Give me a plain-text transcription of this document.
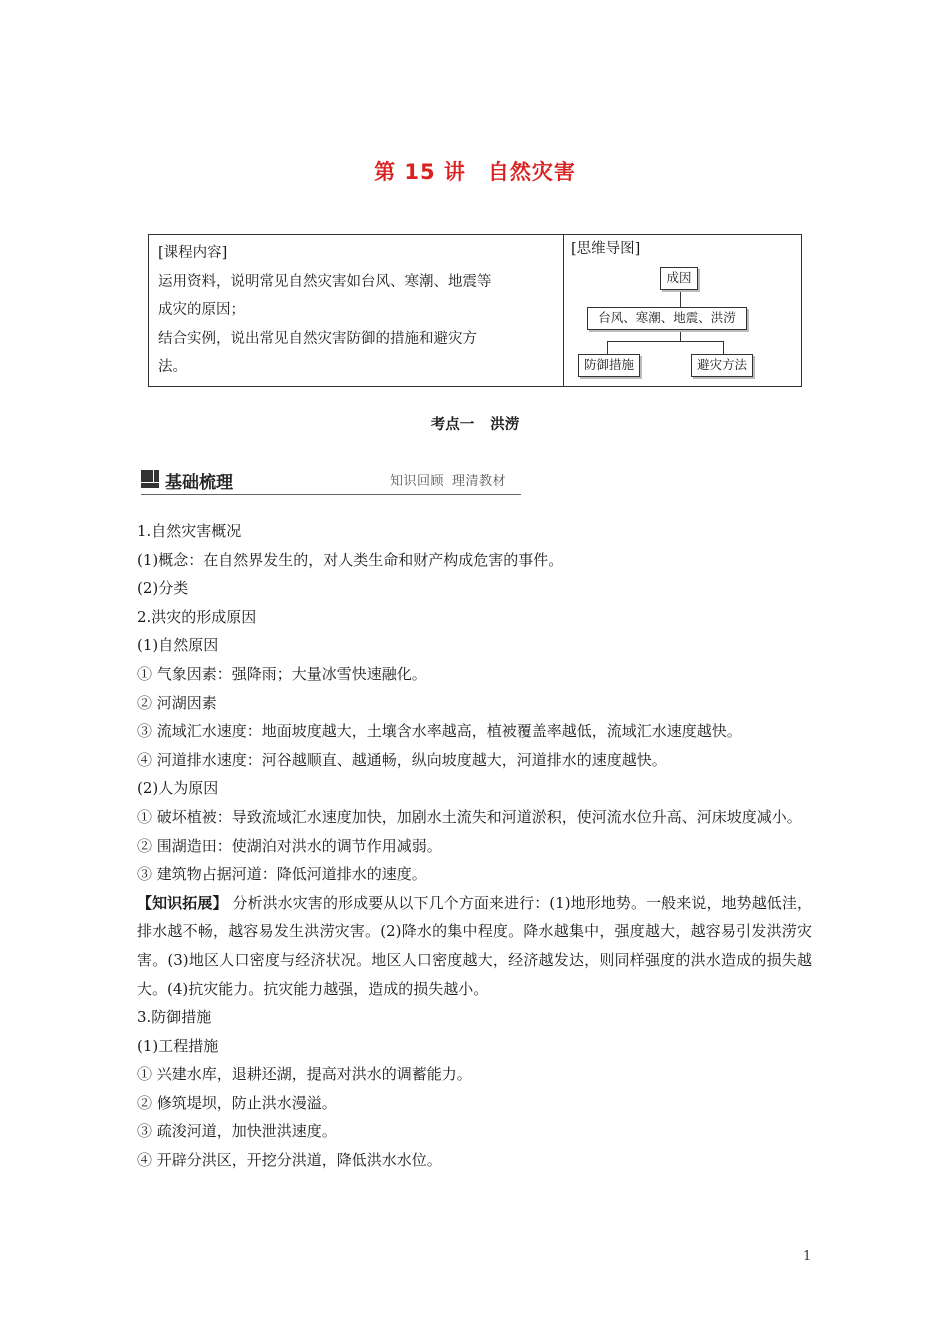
第 15 讲 自然灾害
[课程内容]
运用资料，说明常见自然灾害如台风、寒潮、地震等
成灾的原因；
结合实例，说出常见自然灾害防御的措施和避灾方
法。
[思维导图]
成因
台风、寒潮、地震、洪涝
防御措施	避灾方法
考点一 洪涝
基础梳理	知识回顾 理清教材

1.自然灾害概况

(1)概念：在自然界发生的，对人类生命和财产构成危害的事件。

(2)分类

2.洪灾的形成原因

(1)自然原因

① 气象因素：强降雨；大量冰雪快速融化。

② 河湖因素

③ 流域汇水速度：地面坡度越大，土壤含水率越高，植被覆盖率越低，流域汇水速度越快。

④ 河道排水速度：河谷越顺直、越通畅，纵向坡度越大，河道排水的速度越快。

(2)人为原因

① 破坏植被：导致流域汇水速度加快，加剧水土流失和河道淤积，使河流水位升高、河床坡度减小。

② 围湖造田：使湖泊对洪水的调节作用减弱。

③ 建筑物占据河道：降低河道排水的速度。

【知识拓展】 分析洪水灾害的形成要从以下几个方面来进行：(1)地形地势。一般来说，地势越低洼，排水越不畅，越容易发生洪涝灾害。(2)降水的集中程度。降水越集中，强度越大，越容易引发洪涝灾害。(3)地区人口密度与经济状况。地区人口密度越大，经济越发达，则同样强度的洪水造成的损失越大。(4)抗灾能力。抗灾能力越强，造成的损失越小。

3.防御措施

(1)工程措施

① 兴建水库，退耕还湖，提高对洪水的调蓄能力。

② 修筑堤坝，防止洪水漫溢。

③ 疏浚河道，加快泄洪速度。

④ 开辟分洪区，开挖分洪道，降低洪水水位。

1
